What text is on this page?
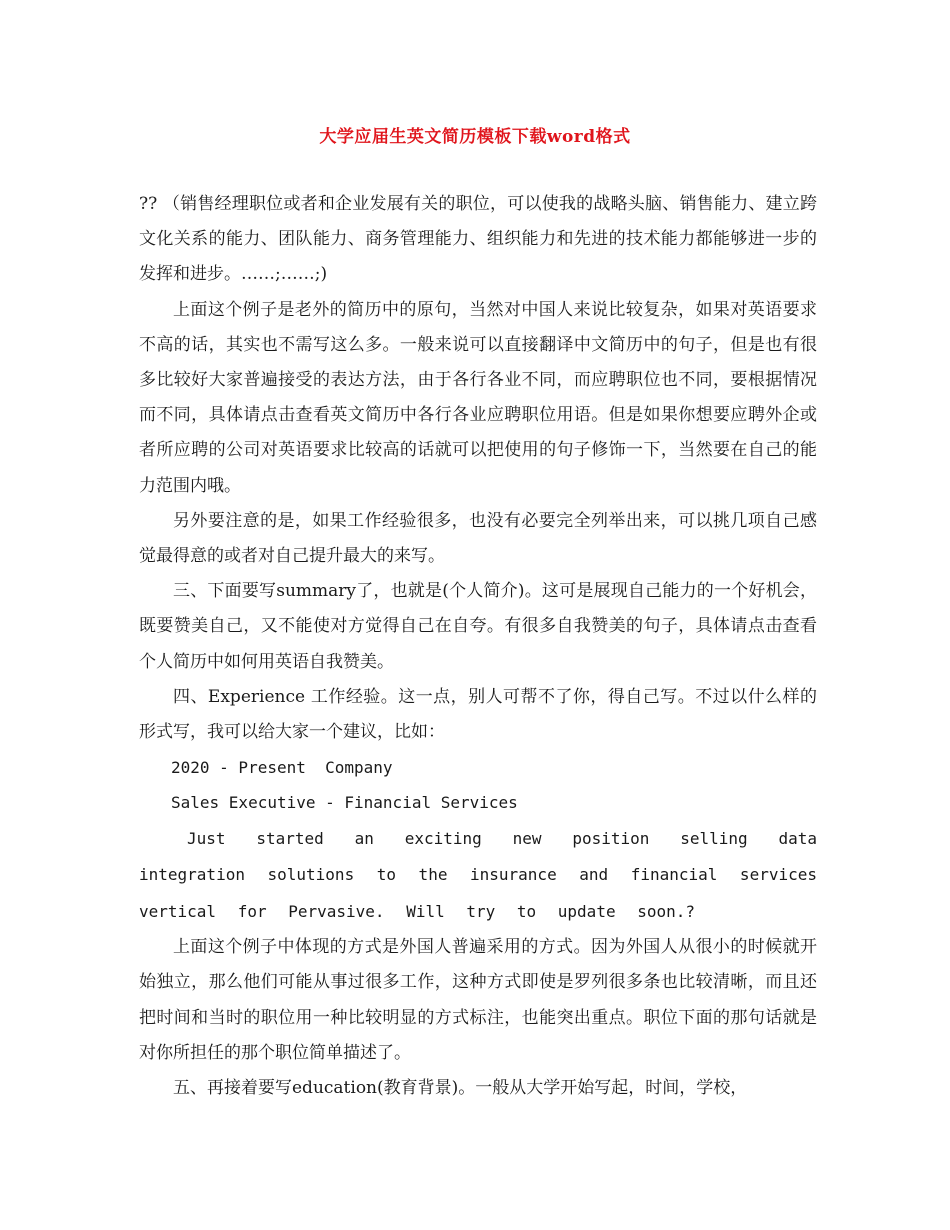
大学应届生英文简历模板下载word格式

?? （销售经理职位或者和企业发展有关的职位，可以使我的战略头脑、销售能力、建立跨文化关系的能力、团队能力、商务管理能力、组织能力和先进的技术能力都能够进一步的发挥和进步。……;……;)

上面这个例子是老外的简历中的原句，当然对中国人来说比较复杂，如果对英语要求不高的话，其实也不需写这么多。一般来说可以直接翻译中文简历中的句子，但是也有很多比较好大家普遍接受的表达方法，由于各行各业不同，而应聘职位也不同，要根据情况而不同，具体请点击查看英文简历中各行各业应聘职位用语。但是如果你想要应聘外企或者所应聘的公司对英语要求比较高的话就可以把使用的句子修饰一下，当然要在自己的能力范围内哦。

另外要注意的是，如果工作经验很多，也没有必要完全列举出来，可以挑几项自己感觉最得意的或者对自己提升最大的来写。

三、下面要写summary了，也就是(个人简介)。这可是展现自己能力的一个好机会，既要赞美自己，又不能使对方觉得自己在自夸。有很多自我赞美的句子，具体请点击查看个人简历中如何用英语自我赞美。

四、Experience 工作经验。这一点，别人可帮不了你，得自己写。不过以什么样的形式写，我可以给大家一个建议，比如：

2020 - Present  Company

Sales Executive - Financial Services

Just started an exciting new position selling data integration solutions to the insurance and financial services vertical for Pervasive. Will try to update soon.?

上面这个例子中体现的方式是外国人普遍采用的方式。因为外国人从很小的时候就开始独立，那么他们可能从事过很多工作，这种方式即使是罗列很多条也比较清晰，而且还把时间和当时的职位用一种比较明显的方式标注，也能突出重点。职位下面的那句话就是对你所担任的那个职位简单描述了。

五、再接着要写education(教育背景)。一般从大学开始写起，时间，学校，
